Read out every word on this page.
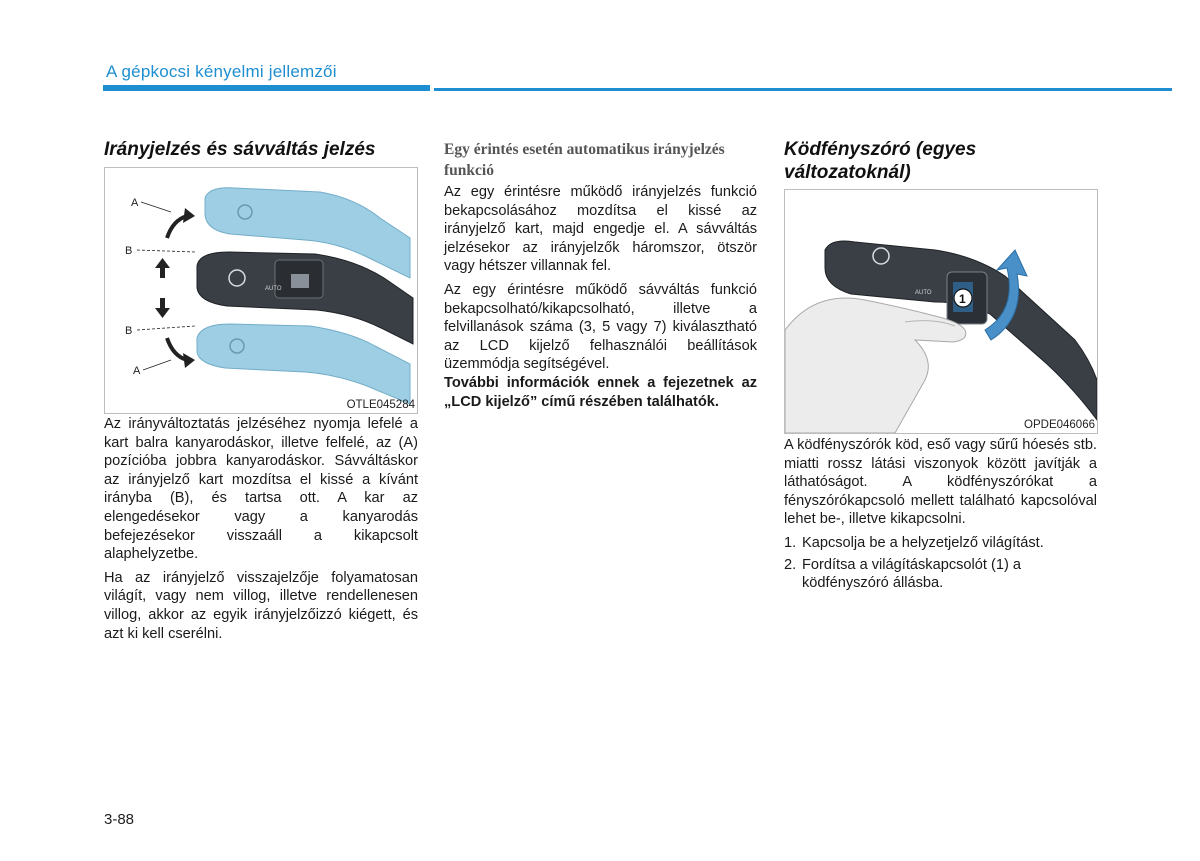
A gépkocsi kényelmi jellemzői
Irányjelzés és sávváltás jelzés
AUTO
A
B
B
A
OTLE045284

Az irányváltoztatás jelzéséhez nyomja lefelé a kart balra kanyarodáskor, illetve felfelé, az (A) pozícióba jobbra kanyarodáskor. Sávváltáskor az irányjelző kart mozdítsa el kissé a kívánt irányba (B), és tartsa ott. A kar az elengedésekor vagy a kanyarodás befejezésekor visszaáll a kikapcsolt alaphelyzetbe.

Ha az irányjelző visszajelzője folyamatosan világít, vagy nem villog, illetve rendellenesen villog, akkor az egyik irányjelzőizzó kiégett, és azt ki kell cserélni.

Egy érintés esetén automatikus irányjelzés funkció

Az egy érintésre működő irányjelzés funkció bekapcsolásához mozdítsa el kissé az irányjelző kart, majd engedje el. A sávváltás jelzésekor az irányjelzők háromszor, ötször vagy hétszer villannak fel.

Az egy érintésre működő sávváltás funkció bekapcsolható/kikapcsolható, illetve a felvillanások száma (3, 5 vagy 7) kiválasztható az LCD kijelző felhasználói beállítások üzemmódja segítségével.

További információk ennek a fejezetnek az „LCD kijelző” című részében találhatók.

Ködfényszóró (egyes változatoknál)
AUTO 1
OPDE046066

A ködfényszórók köd, eső vagy sűrű hóesés stb. miatti rossz látási viszonyok között javítják a láthatóságot. A ködfényszórókat a fényszórókapcsoló mellett található kapcsolóval lehet be-, illetve kikapcsolni.

1. Kapcsolja be a helyzetjelző világítást.
2. Fordítsa a világításkapcsolót (1) a ködfényszóró állásba.
3-88
